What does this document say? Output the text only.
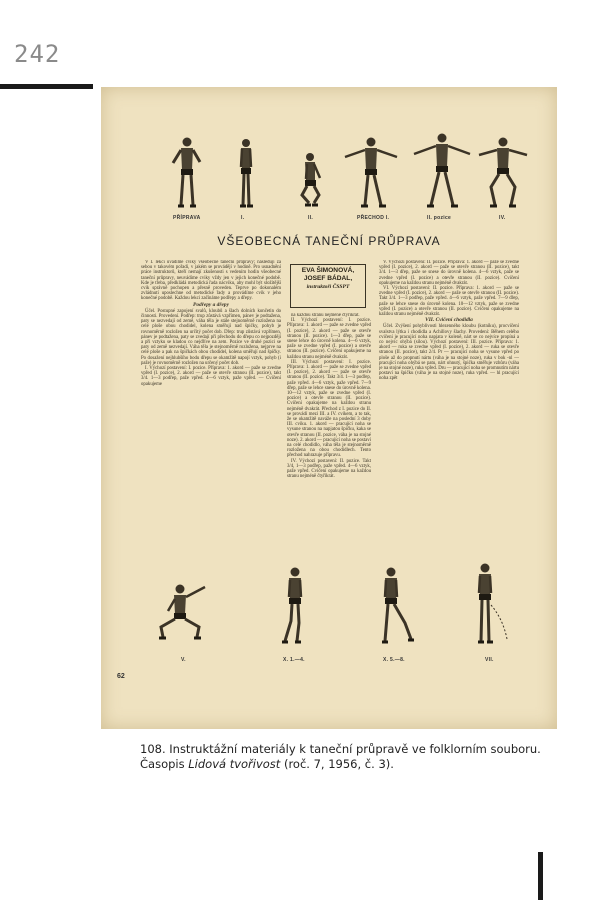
242
PŘÍPRAVA	I.	II.	PŘECHOD I.	II. pozice	IV.
VŠEOBECNÁ TANEČNÍ PRŮPRAVA

V I. lekci uvádíme cviky všeobecné taneční průpravy; následují za sebou v takovém pořadí, v jakém se provádějí v hodině. Pro usnadnění práce instruktorů, kteří nemají zkušenosti s vedením hodin všeobecné taneční průpravy, neuvádíme cviky vždy jen v jejich konečné podobě. Kde je třeba, předkládá metodická řada nácviku, aby mohl být složitější cvik správně pochopen a přesně proveden. Teprve po dokonalém zvládnutí uposlechne od metodické řady a provádíme cvik v jeho konečné podobě. Každou lekci začínáme podřepy a dřepy.

Podřepy a dřepy

Účel. Postupné zapojení svalů, kloubů a šlach dolních končetin do činnosti. Provedení. Podřep: trup zůstává vzpřímen, pánev je podtažena, paty se nezvedají od země, váha těla je stále stejnoměrně rozložena na celé ploše obou chodidel, kolena směřují nad špičky, pohyb je rovnoměrně rozložen na určitý počet dob. Dřep: trup zůstává vzpřímen, pánev je podtažena, paty se zvedají při přechodu do dřepu co nejpozději a při vztyku se kladou co nejdříve na zem. Pozice ve druhé pozici se paty od země nezvedají. Váha těla je stejnoměrně rozložena, nejprve na celé ploše a pak na špičkách obou chodidel, kolena směřují nad špičky. Po dosažení nejhlubšího bodu dřepu se okamžitě napojí vztyk, pohyb (i paže) je rovnoměrně rozložen na určený počet dob.

I. Výchozí postavení: I. pozice. Příprava: 1. akord — paže se zvedne vpřed (I. pozice), 2. akord — paže se otevře stranou (II. pozice), takt 3/4. 1—3 podřep, paže vpřed. 4—6 vztyk, paže vpřed. — Cvičení opakujeme

EVA ŠIMONOVÁ,
JOSEF BÁDAL,
instruktoři ČSSPT

na každou stranu nejméně čtyřikrát.

II. Výchozí postavení: I. pozice. Příprava: 1. akord — paže se zvedne vpřed (I. pozice), 2. akord — paže se otevře stranou (II. pozice). 1—3 dřep, paže se snese lehce do úrovně kolena. 4—6 vztyk, paže se zvedne vpřed (I. pozice) a otevře stranou (II. pozice). Cvičení opakujeme na každou stranu nejméně dvakrát.

III. Výchozí postavení: I. pozice. Příprava: 1. akord — paže se zvedne vpřed (I. pozice), 2. akord — paže se otevře stranou (II. pozice). Takt 3/4. 1—3 podřep, paže vpřed. 4—6 vztyk, paže vpřed. 7—9 dřep, paže se lehce snese do úrovně kolena. 10—12 vztyk, paže se zvedne vpřed (I. pozice) a otevře stranou (II. pozice). Cvičení opakujeme na každou stranu nejméně dvakrát. Přechod z I. pozice do II. se provádí mezi III. a IV. cvikem, a to tak, že se okamžitě naváže na poslední 3 doby III. cviku. 1. akord — pracující noha se vysune stranou na napjatou špičku, kaka se otevře stranou (II. pozice, váha je na stojné noze). 2. akord — pracující noha se postaví na celé chodidlo, váha těla je stejnoměrně rozložena na obou chodidlech. Tento přechod nahrazuje přípravu.

IV. Výchozí postavení: II. pozice. Takt 3/4, 1—3 podřep, paže vpřed. 4—6 vztyk, paže vpřed. Cvičení opakujeme na každou stranu nejméně čtyřikrát.

V. Výchozí postavení: II. pozice. Příprava: 1. akord — paže se zvedne vpřed (I. pozice), 2. akord — paže se otevře stranou (II. pozice), takt 3/4. 1—3 dřep, paže se snese do úrovně kolena. 4—6 vztyk, paže se zvedne vpřed (I. pozice) a otevře stranou (II. pozice). Cvičení opakujeme na každou stranu nejméně dvakrát.

VI. Výchozí postavení: II. pozice. Příprava: 1. akord — paže se zvedne vpřed (I. pozice), 2. akord — paže se otevře stranou (II. pozice). Takt 3/4. 1—3 podřep, paže vpřed. 4—6 vztyk, paže vpřed. 7—9 dřep, paže se lehce snese do úrovně kolena. 10—12 vztyk, paže se zvedne vpřed (I. pozice) a otevře stranou (II. pozice). Cvičení opakujeme na každou stranu nejméně dvakrát.

VII. Cvičení chodidla

Účel. Zvýšení pohyblivosti hlezenného kloubu (kotníku), procvičení svalstva lýtka i chodidla a Achillovy šlachy. Provedení: Během celého cvičení je pracující noha napjata v koleně, nárt se co nejvíce propíná a co nejvíc ohýbá (silou). Výchozí postavení: III. pozice. Příprava: 1. akord — ruka se zvedne vpřed (I. pozice), 2. akord — ruka se otevře stranou (II. pozice), takt 2/4. Pr — pracující noha se vysune vpřed po ploše až do propnutí nártu (váha je na stojné noze), ruka v bok -nl — pracující noha ohýbá se patu, nárt ohnutý, špička směřuje vzhůru (váha je na stojné noze), ruka vpřed. Dru — pracující noha se promnutím nártu postaví na špičku (váha je na stojné noze), ruka vpřed. — hl pracující noha zpět

V.	X. 1.—4.	X. 5.—8.	VII.
62
108. Instruktážní materiály k taneční průpravě ve folklorním souboru.
Časopis Lidová tvořivost (roč. 7, 1956, č. 3).
